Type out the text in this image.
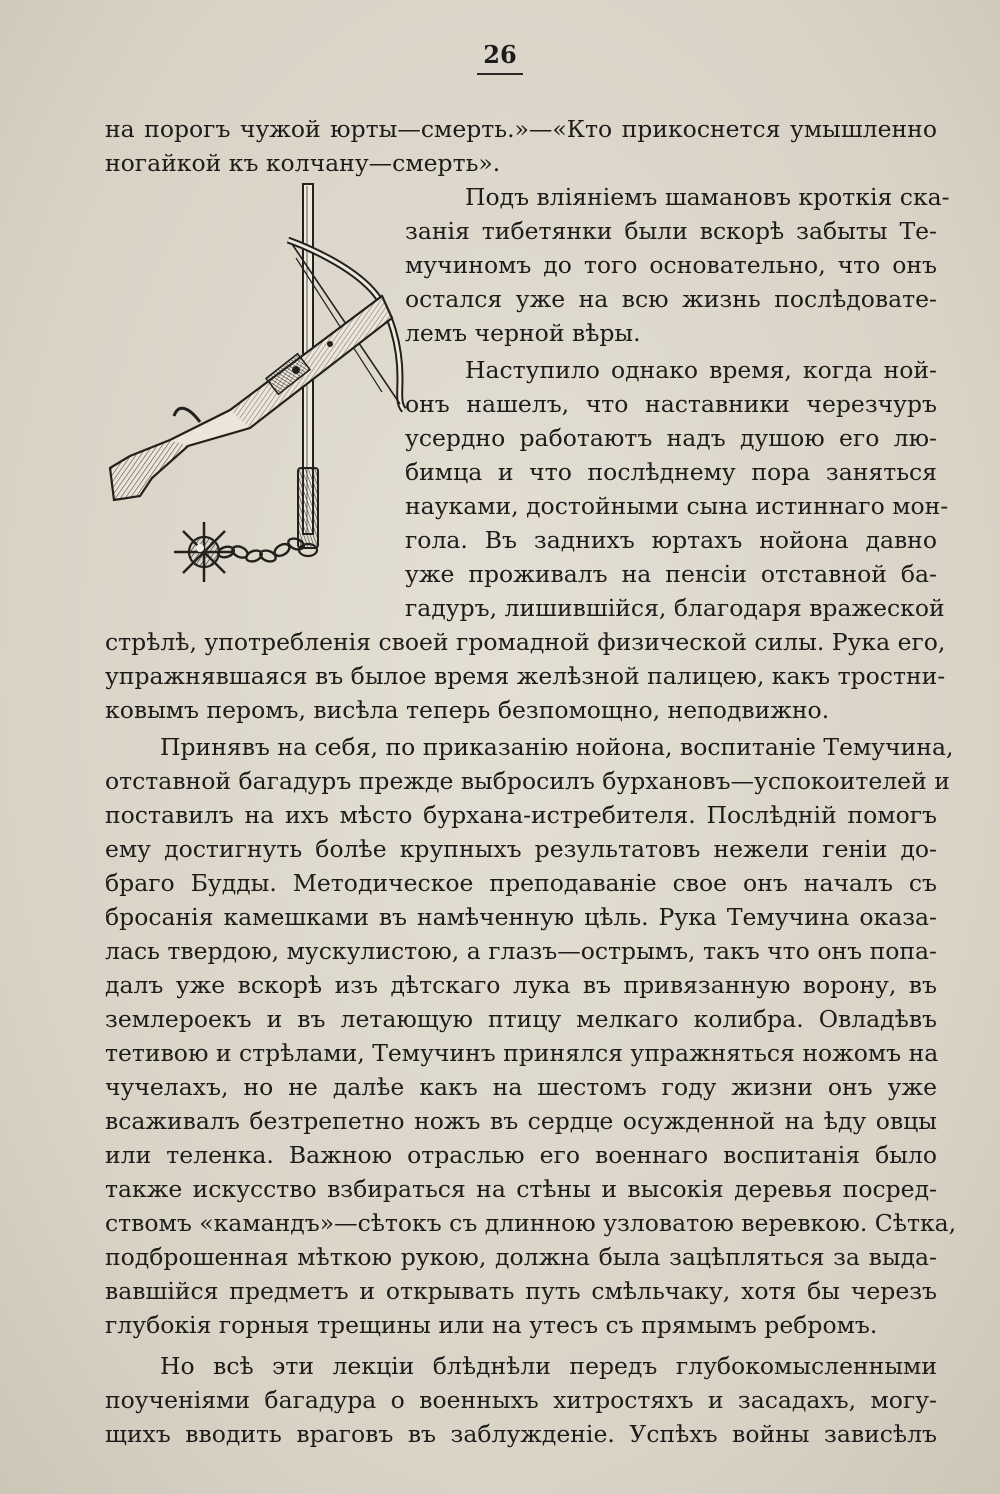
26
на порогъ чужой юрты—смерть.»—«Кто прикоснется умышленно
ногайкой къ колчану—смерть».
Подъ вліяніемъ шамановъ кроткія ска-
занія тибетянки были вскорѣ забыты Те-
мучиномъ до того основательно, что онъ
остался уже на всю жизнь послѣдовате-
лемъ черной вѣры.
Наступило однако время, когда ной-
онъ нашелъ, что наставники черезчуръ
усердно работаютъ надъ душою его лю-
бимца и что послѣднему пора заняться
науками, достойными сына истиннаго мон-
гола. Въ заднихъ юртахъ нойона давно
уже проживалъ на пенсіи отставной ба-
гадуръ, лишившійся, благодаря вражеской
стрѣлѣ, употребленія своей громадной физической силы. Рука его,
упражнявшаяся въ былое время желѣзной палицею, какъ тростни-
ковымъ перомъ, висѣла теперь безпомощно, неподвижно.
Принявъ на себя, по приказанію нойона, воспитаніе Темучина,
отставной багадуръ прежде выбросилъ бурхановъ—успокоителей и
поставилъ на ихъ мѣсто бурхана-истребителя. Послѣдній помогъ
ему достигнуть болѣе крупныхъ результатовъ нежели геніи до-
браго Будды. Методическое преподаваніе свое онъ началъ съ
бросанія камешками въ намѣченную цѣль. Рука Темучина оказа-
лась твердою, мускулистою, а глазъ—острымъ, такъ что онъ попа-
далъ уже вскорѣ изъ дѣтскаго лука въ привязанную ворону, въ
землероекъ и въ летающую птицу мелкаго колибра. Овладѣвъ
тетивою и стрѣлами, Темучинъ принялся упражняться ножомъ на
чучелахъ, но не далѣе какъ на шестомъ году жизни онъ уже
всаживалъ безтрепетно ножъ въ сердце осужденной на ѣду овцы
или теленка. Важною отраслью его военнаго воспитанія было
также искусство взбираться на стѣны и высокія деревья посред-
ствомъ «камандъ»—сѣтокъ съ длинною узловатою веревкою. Сѣтка,
подброшенная мѣткою рукою, должна была зацѣпляться за выда-
вавшійся предметъ и открывать путь смѣльчаку, хотя бы черезъ
глубокія горныя трещины или на утесъ съ прямымъ ребромъ.
Но всѣ эти лекціи блѣднѣли передъ глубокомысленными
поученіями багадура о военныхъ хитростяхъ и засадахъ, могу-
щихъ вводить враговъ въ заблужденіе. Успѣхъ войны зависѣлъ
